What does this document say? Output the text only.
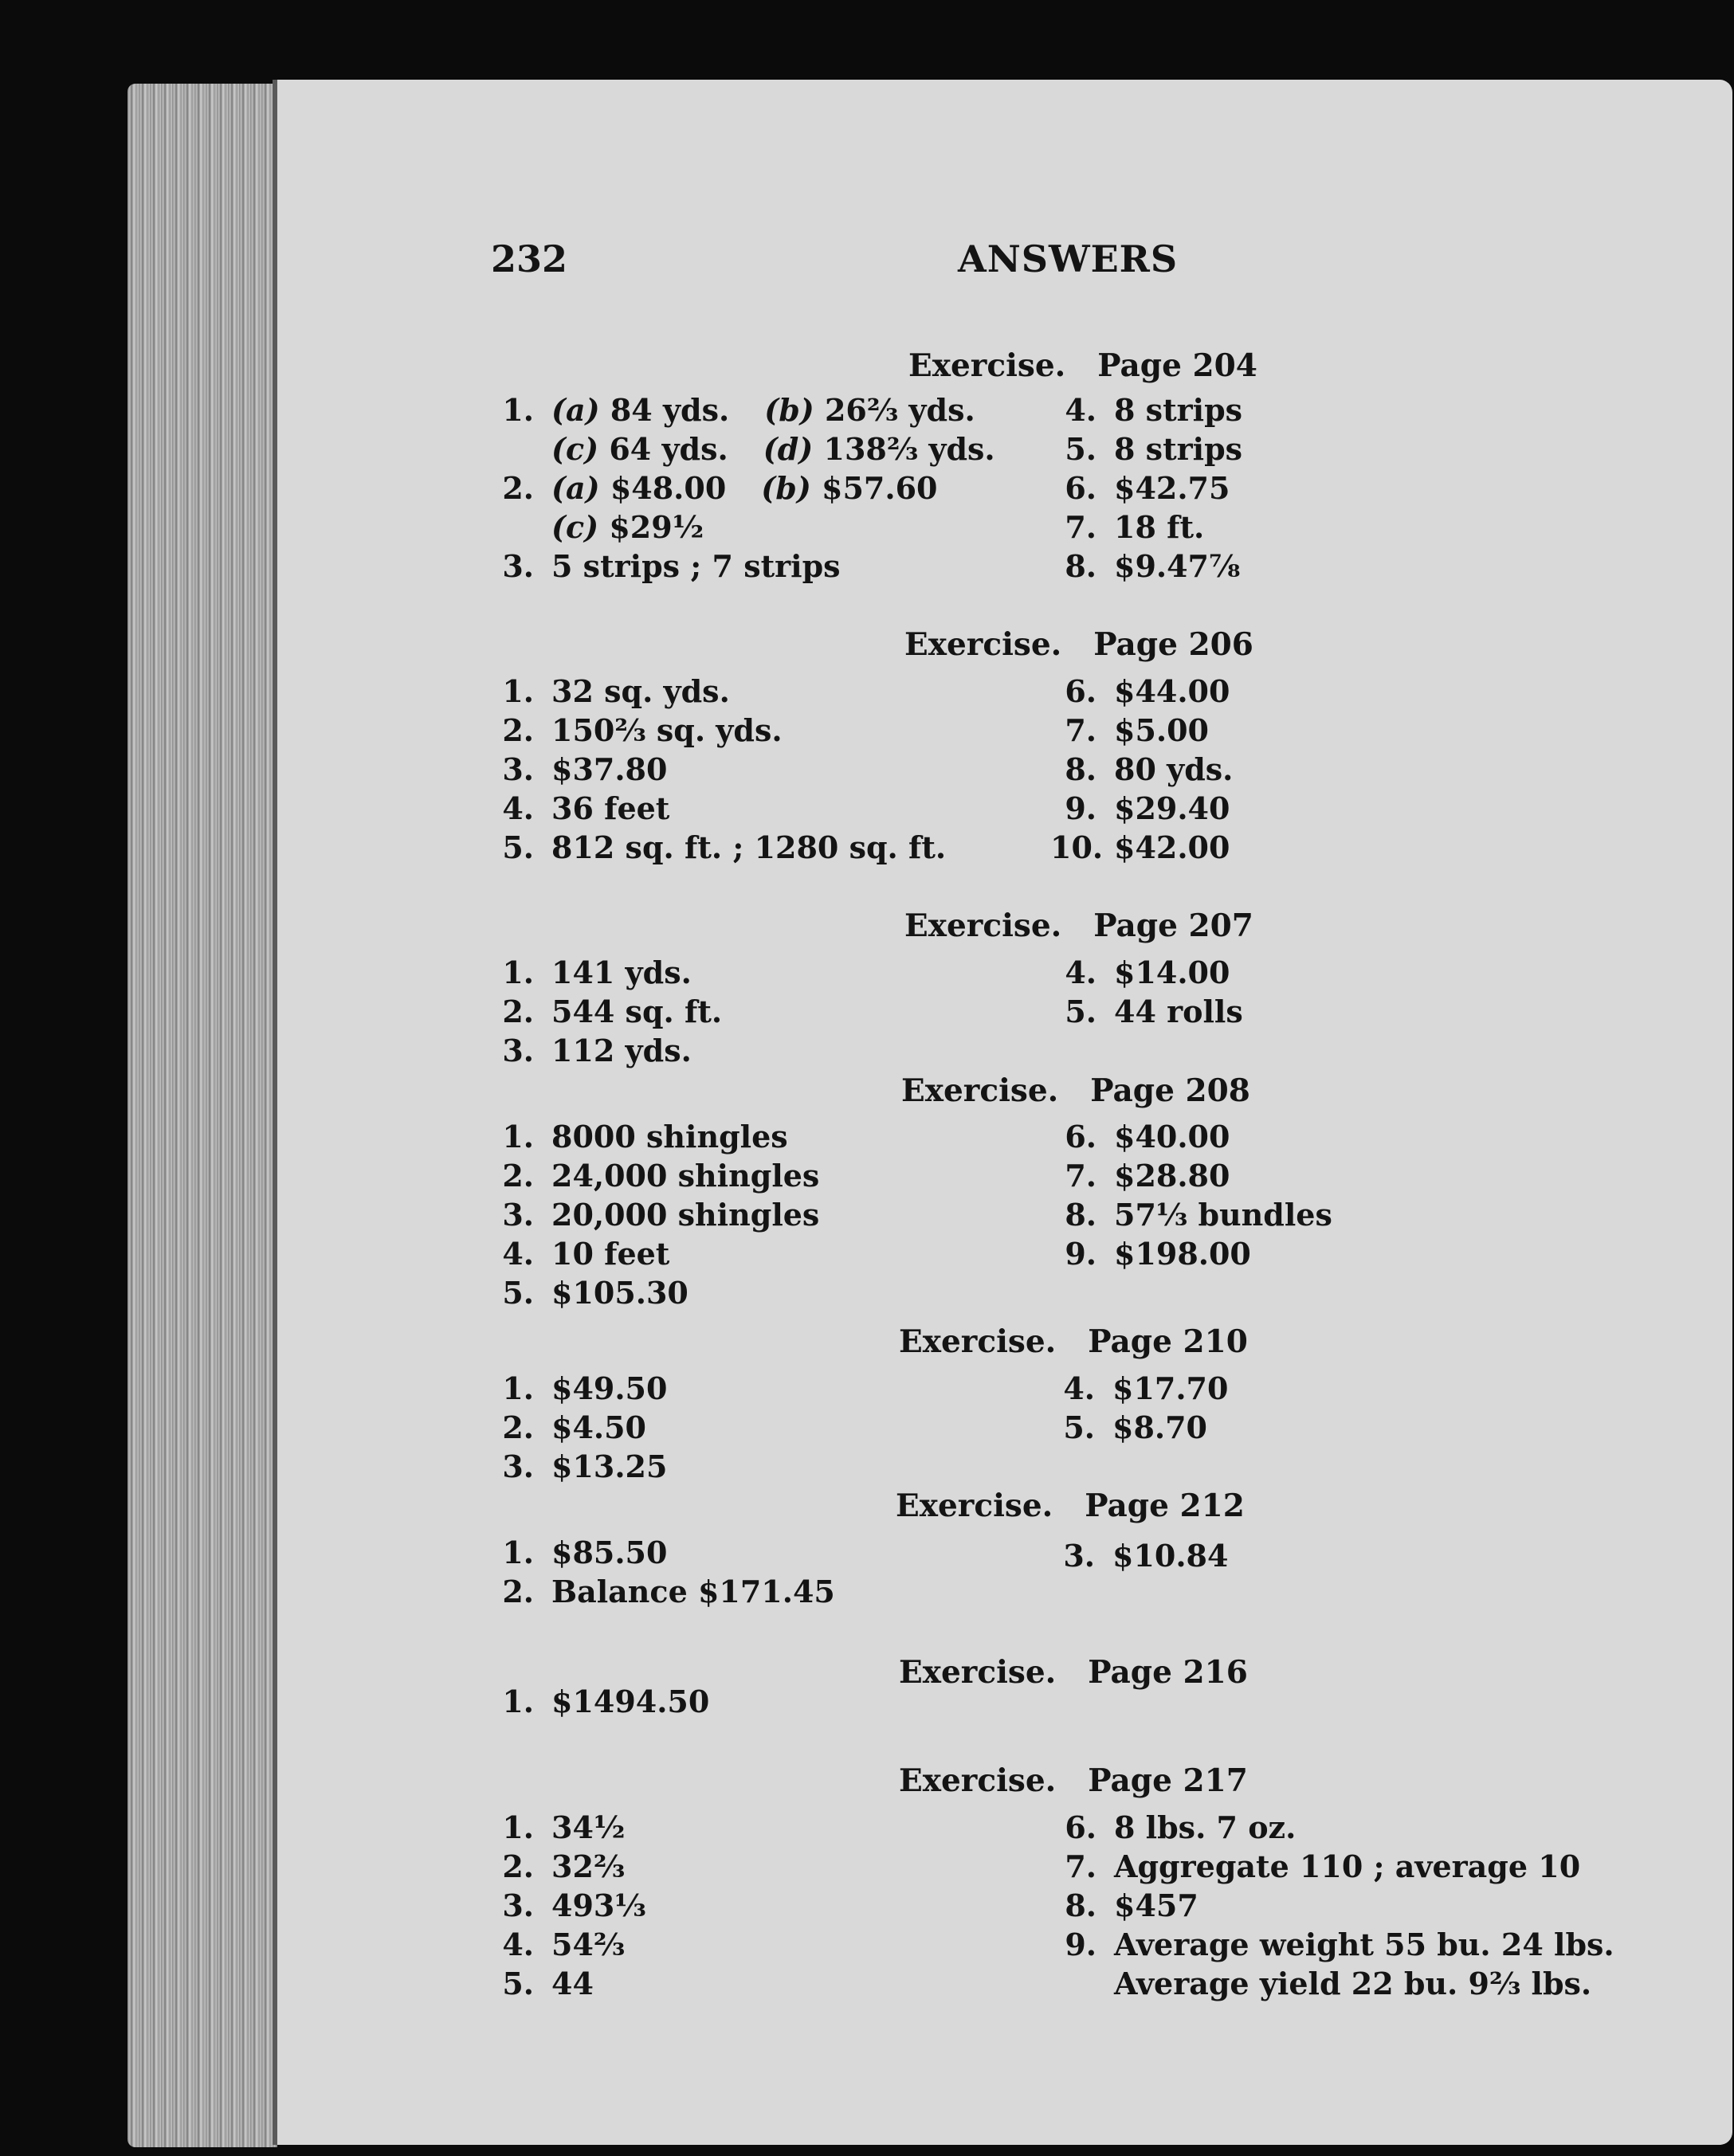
232	ANSWERS
Exercise. Page 204
1. (a) 84 yds. (b) 26⅔ yds.
(c) 64 yds. (d) 138⅔ yds.
2. (a) $48.00 (b) $57.60
(c) $29½
3. 5 strips ; 7 strips
4. 8 strips
5. 8 strips
6. $42.75
7. 18 ft.
8. $9.47⅞
Exercise. Page 206
1. 32 sq. yds.
2. 150⅔ sq. yds.
3. $37.80
4. 36 feet
5. 812 sq. ft. ; 1280 sq. ft.
6. $44.00
7. $5.00
8. 80 yds.
9. $29.40
10. $42.00
Exercise. Page 207
1. 141 yds.
2. 544 sq. ft.
3. 112 yds.
4. $14.00
5. 44 rolls
Exercise. Page 208
1. 8000 shingles
2. 24,000 shingles
3. 20,000 shingles
4. 10 feet
5. $105.30
6. $40.00
7. $28.80
8. 57⅓ bundles
9. $198.00
Exercise. Page 210
1. $49.50
2. $4.50
3. $13.25
4. $17.70
5. $8.70
Exercise. Page 212
1. $85.50
2. Balance $171.45
3. $10.84
Exercise. Page 216
1. $1494.50
Exercise. Page 217
1. 34½
2. 32⅔
3. 493⅓
4. 54⅔
5. 44
6. 8 lbs. 7 oz.
7. Aggregate 110 ; average 10
8. $457
9. Average weight 55 bu. 24 lbs.
Average yield 22 bu. 9⅔ lbs.
